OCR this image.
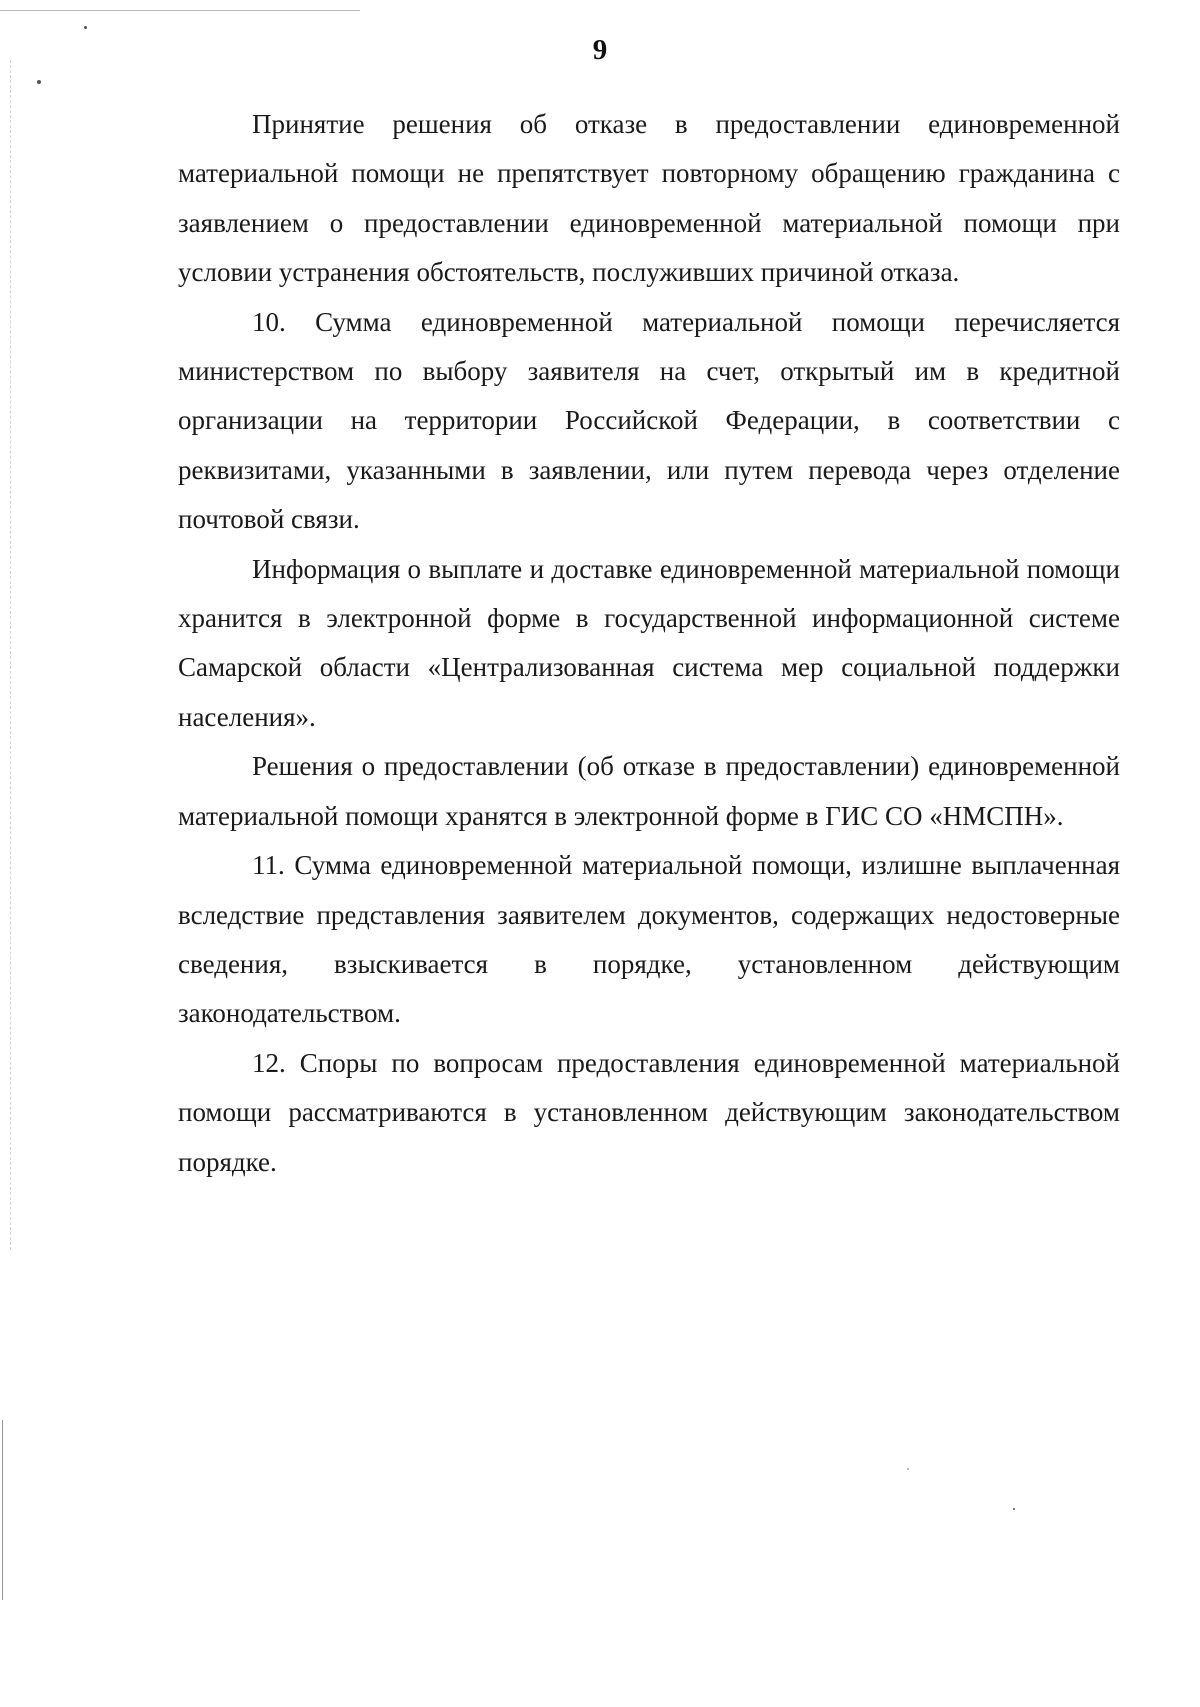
9

Принятие решения об отказе в предоставлении единовременной материальной помощи не препятствует повторному обращению гражданина с заявлением о предоставлении единовременной материальной помощи при условии устранения обстоятельств, послуживших причиной отказа.

10. Сумма единовременной материальной помощи перечисляется министерством по выбору заявителя на счет, открытый им в кредитной организации на территории Российской Федерации, в соответствии с реквизитами, указанными в заявлении, или путем перевода через отделение почтовой связи.

Информация о выплате и доставке единовременной материальной помощи хранится в электронной форме в государственной информационной системе Самарской области «Централизованная система мер социальной поддержки населения».

Решения о предоставлении (об отказе в предоставлении) единовременной материальной помощи хранятся в электронной форме в ГИС СО «НМСПН».

11. Сумма единовременной материальной помощи, излишне выплаченная вследствие представления заявителем документов, содержащих недостоверные сведения, взыскивается в порядке, установленном действующим законодательством.

12. Споры по вопросам предоставления единовременной материальной помощи рассматриваются в установленном действующим законодательством порядке.
